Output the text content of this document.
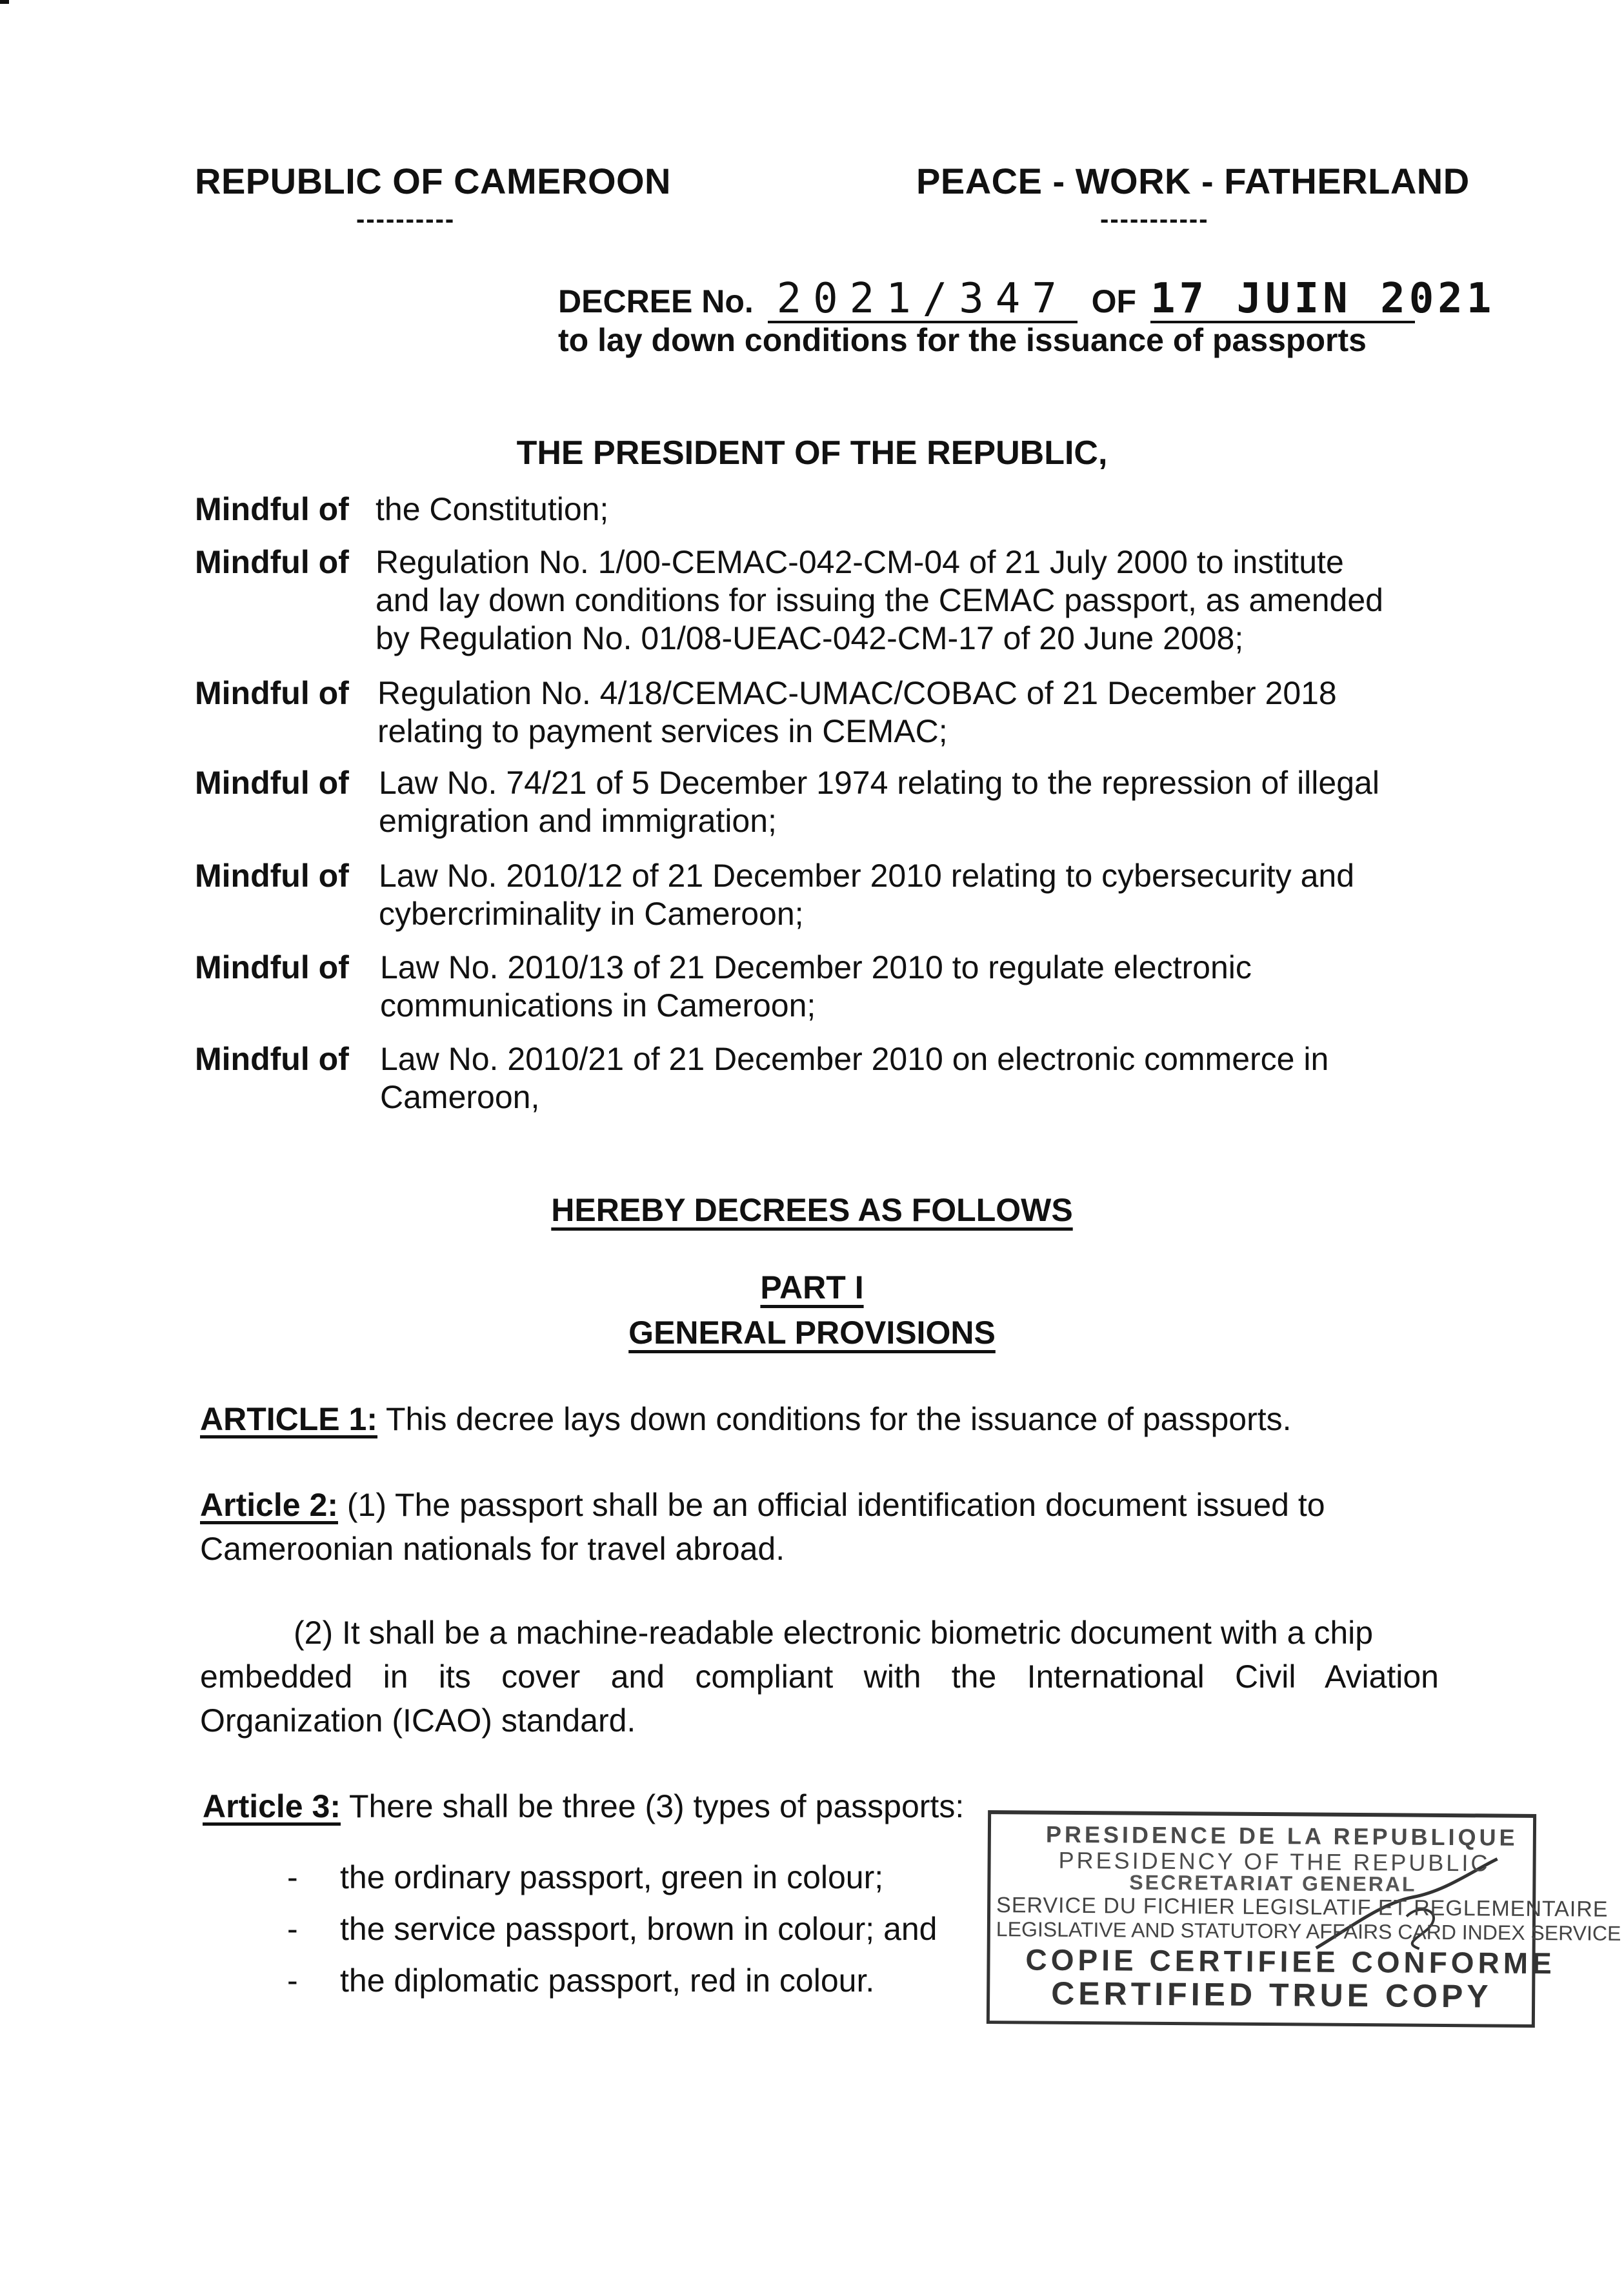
REPUBLIC OF CAMEROON	PEACE - WORK - FATHERLAND
----------	-----------
DECREE No. 2021/347 OF 17 JUIN 2021
to lay down conditions for the issuance of passports
THE PRESIDENT OF THE REPUBLIC,
Mindful of the Constitution;
Mindful of Regulation No. 1/00-CEMAC-042-CM-04 of 21 July 2000 to institute
and lay down conditions for issuing the CEMAC passport, as amended
by Regulation No. 01/08-UEAC-042-CM-17 of 20 June 2008;
Mindful of Regulation No. 4/18/CEMAC-UMAC/COBAC of 21 December 2018
relating to payment services in CEMAC;
Mindful of Law No. 74/21 of 5 December 1974 relating to the repression of illegal
emigration and immigration;
Mindful of Law No. 2010/12 of 21 December 2010 relating to cybersecurity and
cybercriminality in Cameroon;
Mindful of Law No. 2010/13 of 21 December 2010 to regulate electronic
communications in Cameroon;
Mindful of Law No. 2010/21 of 21 December 2010 on electronic commerce in
Cameroon,
HEREBY DECREES AS FOLLOWS
PART I
GENERAL PROVISIONS
ARTICLE 1: This decree lays down conditions for the issuance of passports.
Article 2: (1) The passport shall be an official identification document issued to
Cameroonian nationals for travel abroad.
(2) It shall be a machine-readable electronic biometric document with a chip
embedded in its cover and compliant with the International Civil Aviation
Organization (ICAO) standard.
Article 3: There shall be three (3) types of passports:
- the ordinary passport, green in colour;
- the service passport, brown in colour; and
- the diplomatic passport, red in colour.
PRESIDENCE DE LA REPUBLIQUE
PRESIDENCY OF THE REPUBLIC
SECRETARIAT GENERAL
SERVICE DU FICHIER LEGISLATIF ET REGLEMENTAIRE
LEGISLATIVE AND STATUTORY AFFAIRS CARD INDEX SERVICE
COPIE CERTIFIEE CONFORME
CERTIFIED TRUE COPY
